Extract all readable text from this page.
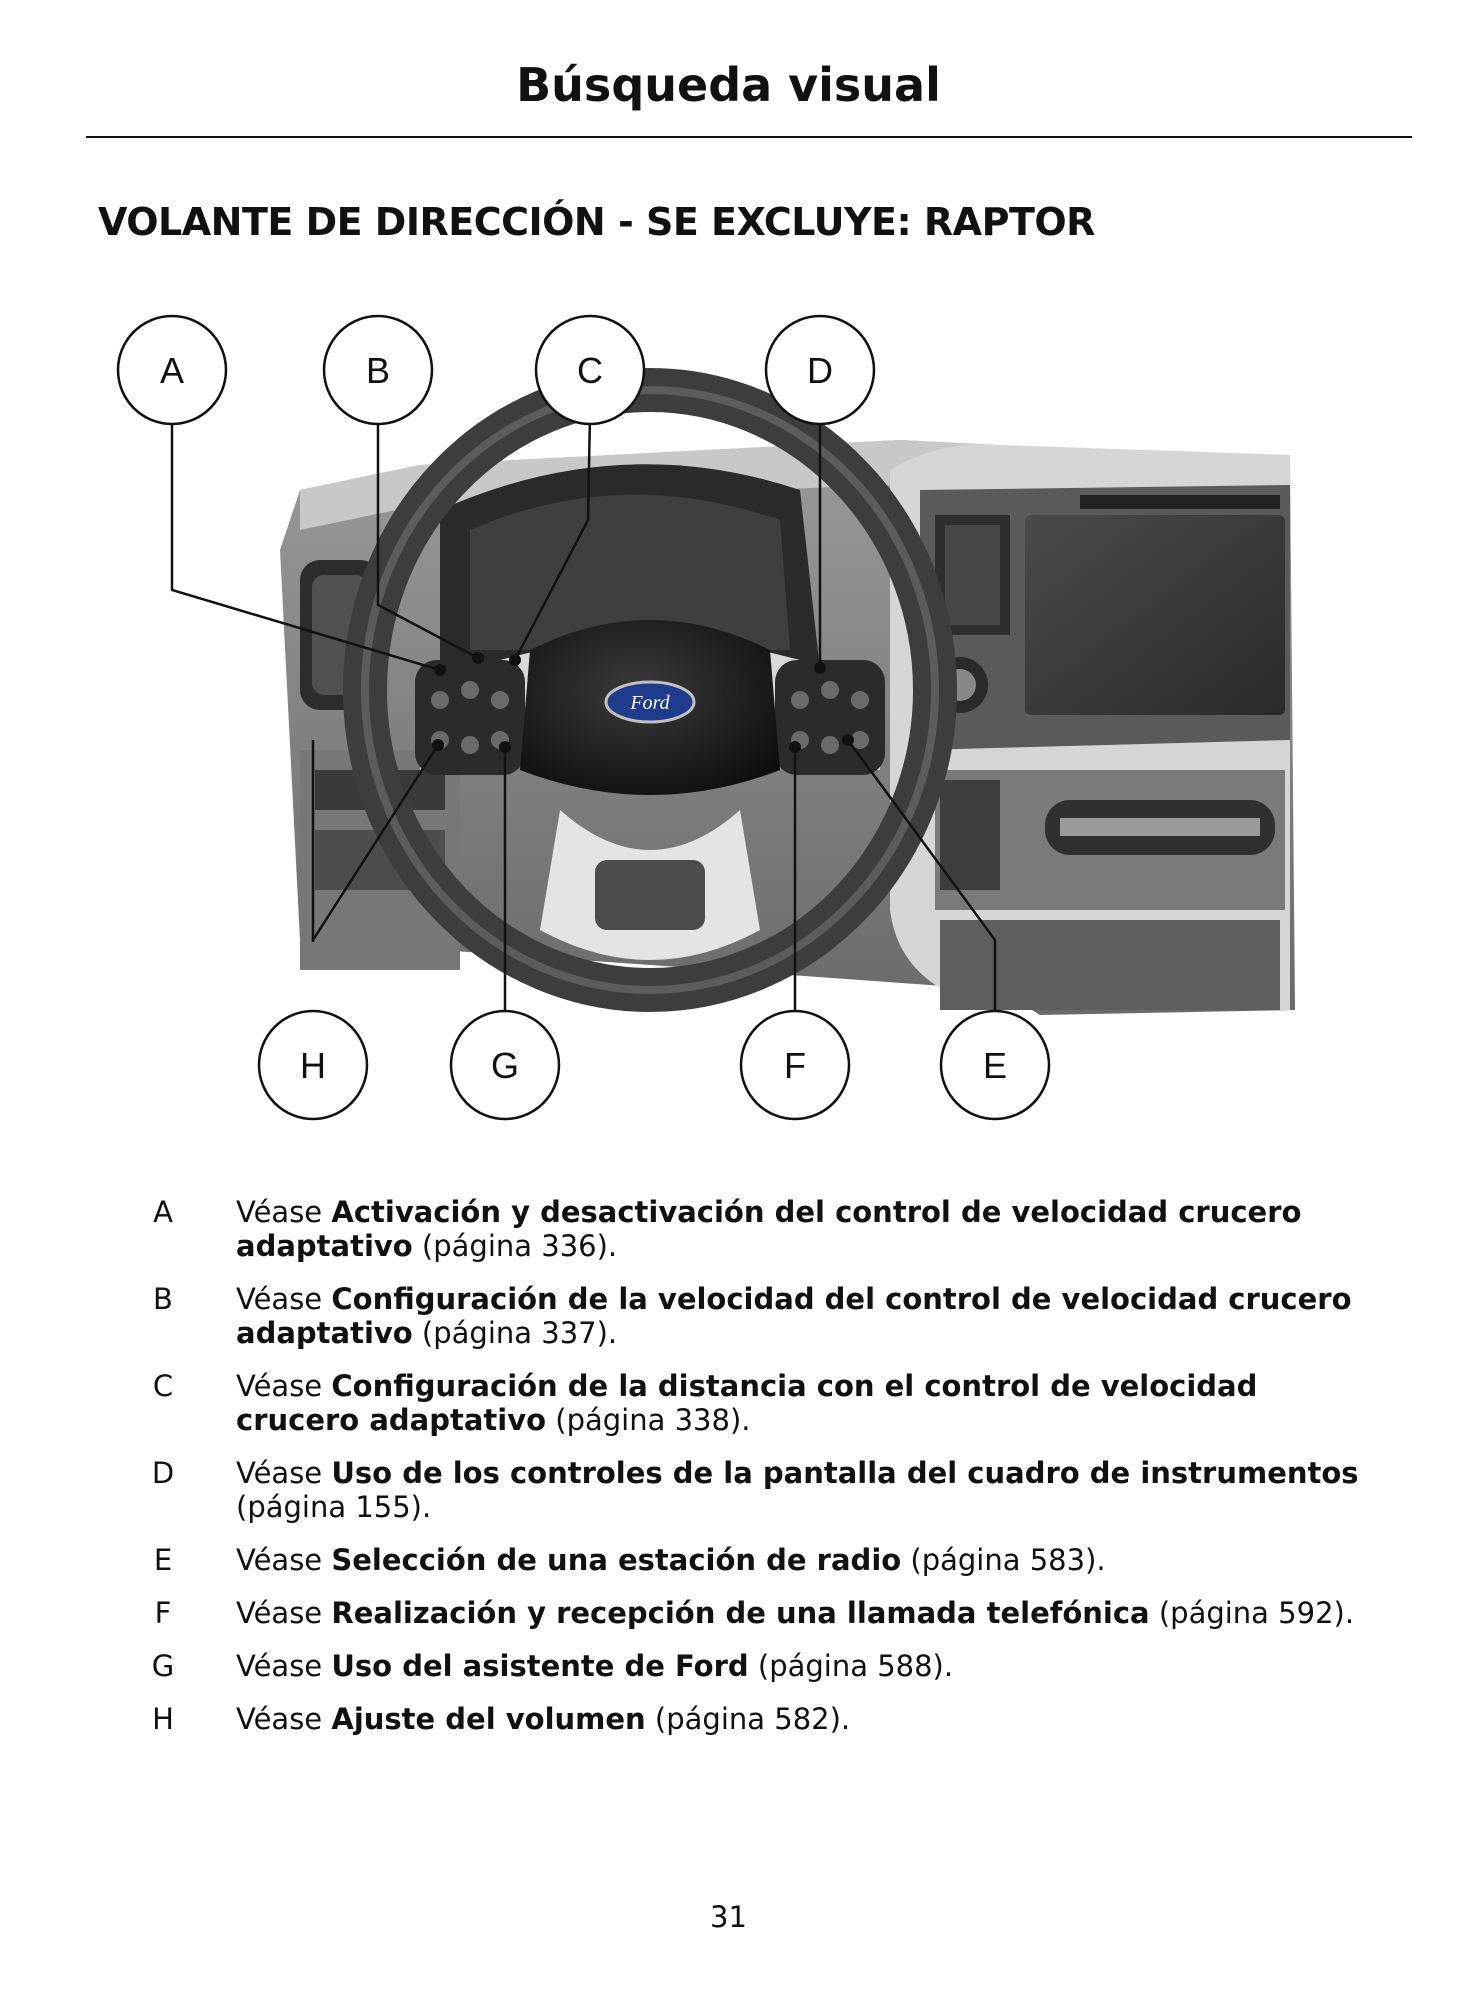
Búsqueda visual
VOLANTE DE DIRECCIÓN - SE EXCLUYE: RAPTOR
Ford
A	B	C	D
E
F
G
H
A Véase Activación y desactivación del control de velocidad crucero adaptativo (página 336).
B Véase Configuración de la velocidad del control de velocidad crucero adaptativo (página 337).
C Véase Configuración de la distancia con el control de velocidad crucero adaptativo (página 338).
D Véase Uso de los controles de la pantalla del cuadro de instrumentos (página 155).
E Véase Selección de una estación de radio (página 583).
F Véase Realización y recepción de una llamada telefónica (página 592).
G Véase Uso del asistente de Ford (página 588).
H Véase Ajuste del volumen (página 582).
31
